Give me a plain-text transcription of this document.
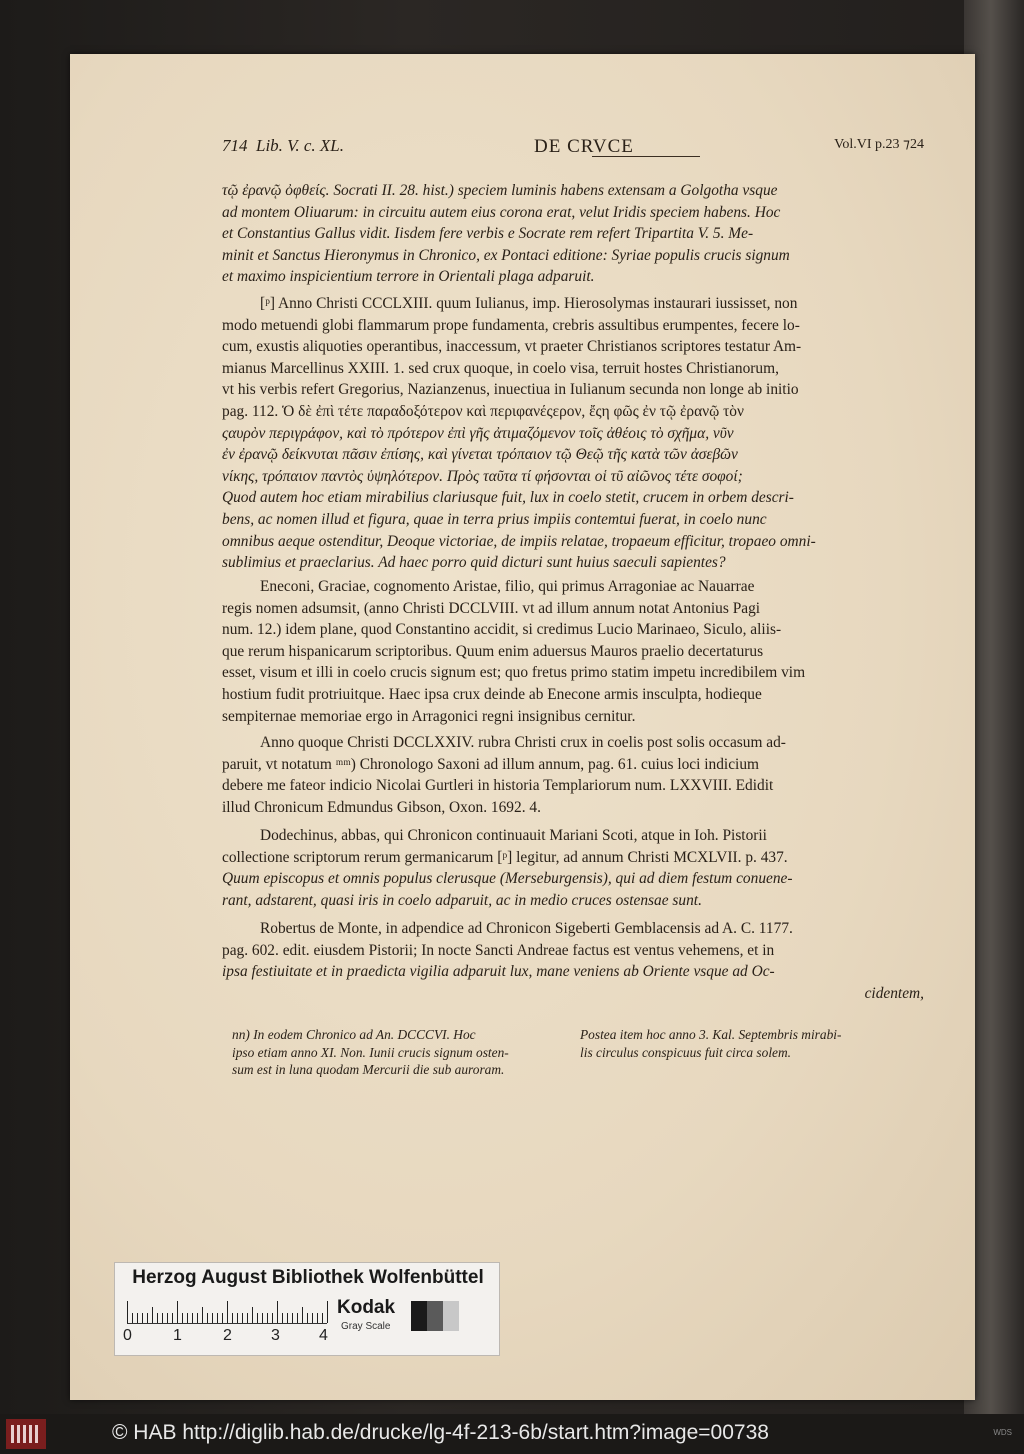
714 Lib. V. c. XL.	DE CRVCE	Vol.VI p.23 ⁊24
τῷ ἐρανῷ ὀφθείς. Socrati II. 28. hist.) speciem luminis habens extensam a Golgotha vsque
ad montem Oliuarum: in circuitu autem eius corona erat, velut Iridis speciem habens. Hoc
et Constantius Gallus vidit. Iisdem fere verbis e Socrate rem refert Tripartita V. 5. Me-
minit et Sanctus Hieronymus in Chronico, ex Pontaci editione: Syriae populis crucis signum
et maximo inspicientium terrore in Orientali plaga adparuit.
[ᵖ] Anno Christi CCCLXIII. quum Iulianus, imp. Hierosolymas instaurari iussisset, non
modo metuendi globi flammarum prope fundamenta, crebris assultibus erumpentes, fecere lo-
cum, exustis aliquoties operantibus, inaccessum, vt praeter Christianos scriptores testatur Am-
mianus Marcellinus XXIII. 1. sed crux quoque, in coelo visa, terruit hostes Christianorum,
vt his verbis refert Gregorius, Nazianzenus, inuectiua in Iulianum secunda non longe ab initio
pag. 112. Ὁ δὲ ἐπὶ τέτε παραδοξότερον καὶ περιφανέςερον, ἔςη φῶς ἐν τῷ ἐρανῷ τὸν
ςαυρὸν περιγράφον, καὶ τὸ πρότερον ἐπὶ γῆς ἀτιμαζόμενον τοῖς ἀθέοις τὸ σχῆμα, νῦν
ἐν ἐρανῷ δείκνυται πᾶσιν ἐπίσης, καὶ γίνεται τρόπαιον τῷ Θεῷ τῆς κατὰ τῶν ἀσεβῶν
νίκης, τρόπαιον παντὸς ὑψηλότερον. Πρὸς ταῦτα τί φήσονται οἱ τῦ αἰῶνος τέτε σοφοί;
Quod autem hoc etiam mirabilius clariusque fuit, lux in coelo stetit, crucem in orbem descri-
bens, ac nomen illud et figura, quae in terra prius impiis contemtui fuerat, in coelo nunc
omnibus aeque ostenditur, Deoque victoriae, de impiis relatae, tropaeum efficitur, tropaeo omni-
sublimius et praeclarius. Ad haec porro quid dicturi sunt huius saeculi sapientes?
Eneconi, Graciae, cognomento Aristae, filio, qui primus Arragoniae ac Nauarrae
regis nomen adsumsit, (anno Christi DCCLVIII. vt ad illum annum notat Antonius Pagi
num. 12.) idem plane, quod Constantino accidit, si credimus Lucio Marinaeo, Siculo, aliis-
que rerum hispanicarum scriptoribus. Quum enim aduersus Mauros praelio decertaturus
esset, visum et illi in coelo crucis signum est; quo fretus primo statim impetu incredibilem vim
hostium fudit protriuitque. Haec ipsa crux deinde ab Enecone armis insculpta, hodieque
sempiternae memoriae ergo in Arragonici regni insignibus cernitur.
Anno quoque Christi DCCLXXIV. rubra Christi crux in coelis post solis occasum ad-
paruit, vt notatum ᵐᵐ) Chronologo Saxoni ad illum annum, pag. 61. cuius loci indicium
debere me fateor indicio Nicolai Gurtleri in historia Templariorum num. LXXVIII. Edidit
illud Chronicum Edmundus Gibson, Oxon. 1692. 4.
Dodechinus, abbas, qui Chronicon continuauit Mariani Scoti, atque in Ioh. Pistorii
collectione scriptorum rerum germanicarum [ᵖ] legitur, ad annum Christi MCXLVII. p. 437.
Quum episcopus et omnis populus clerusque (Merseburgensis), qui ad diem festum conuene-
rant, adstarent, quasi iris in coelo adparuit, ac in medio cruces ostensae sunt.
Robertus de Monte, in adpendice ad Chronicon Sigeberti Gemblacensis ad A. C. 1177.
pag. 602. edit. eiusdem Pistorii; In nocte Sancti Andreae factus est ventus vehemens, et in
ipsa festiuitate et in praedicta vigilia adparuit lux, mane veniens ab Oriente vsque ad Oc-
cidentem,
nn) In eodem Chronico ad An. DCCCVI. Hoc
ipso etiam anno XI. Non. Iunii crucis signum osten-
sum est in luna quodam Mercurii die sub auroram.
Postea item hoc anno 3. Kal. Septembris mirabi-
lis circulus conspicuus fuit circa solem.
Herzog August Bibliothek Wolfenbüttel
0	1	2 3 4
Kodak
Gray Scale
© HAB http://diglib.hab.de/drucke/lg-4f-213-6b/start.htm?image=00738	WDS
